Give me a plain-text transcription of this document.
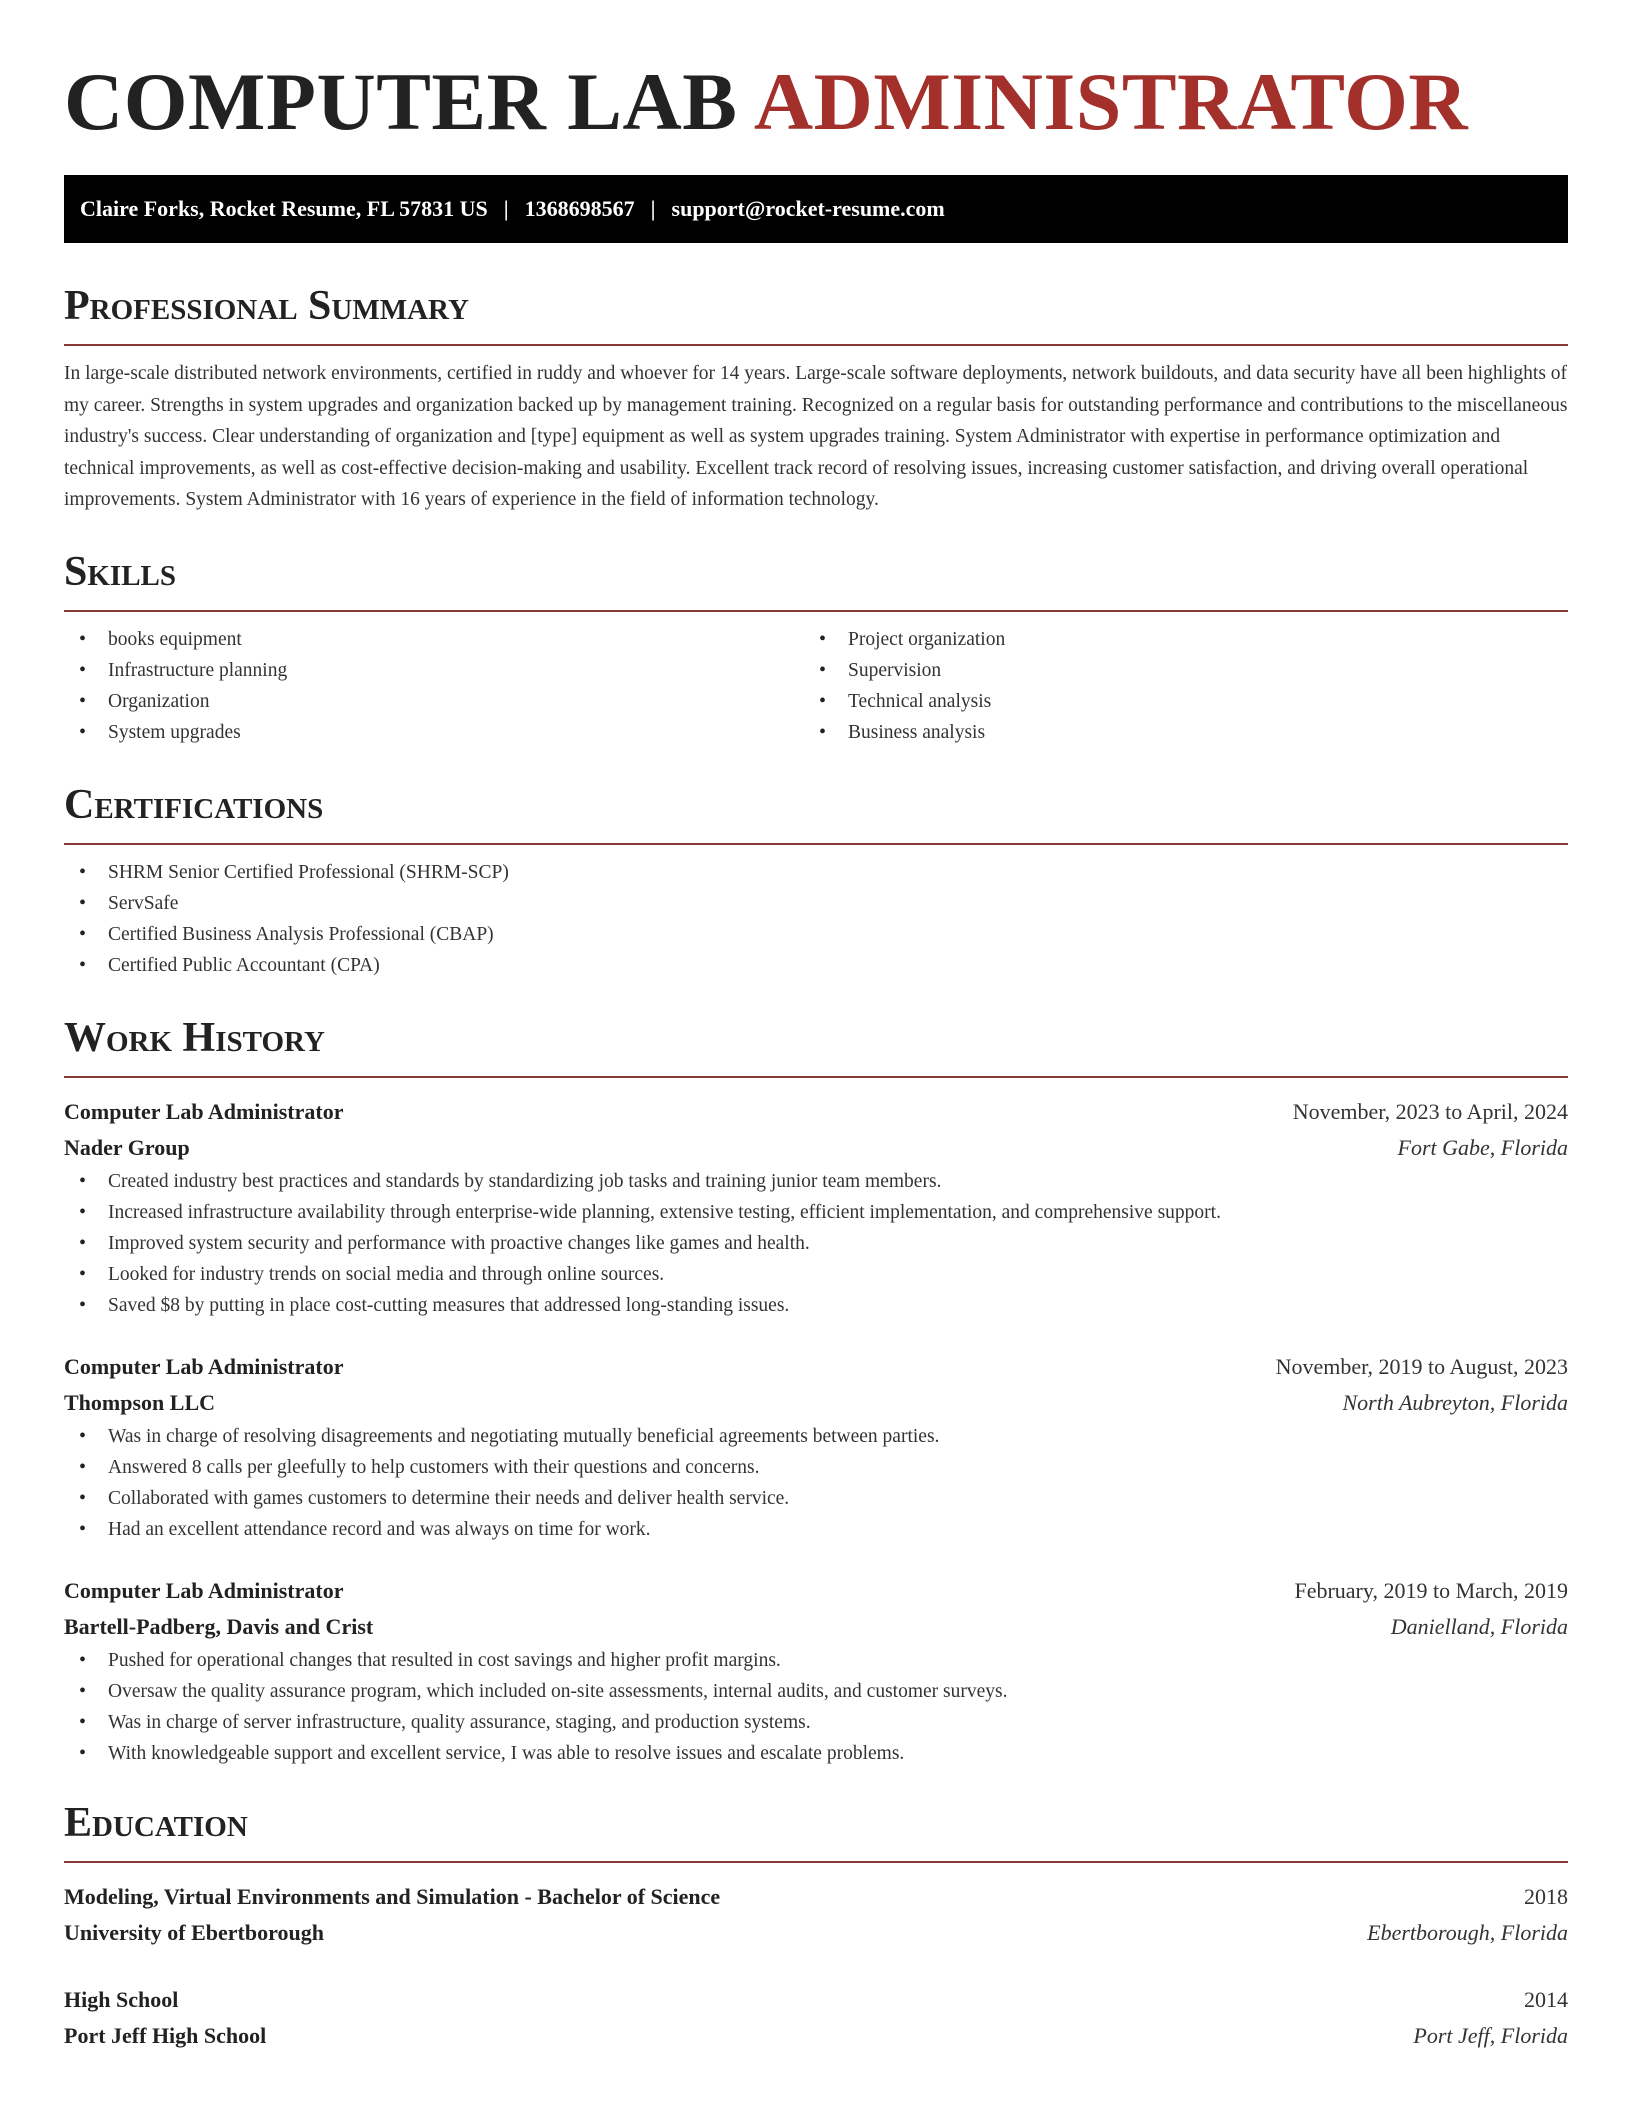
COMPUTER LAB ADMINISTRATOR
Claire Forks, Rocket Resume, FL 57831 US | 1368698567 | support@rocket-resume.com
Professional Summary
In large-scale distributed network environments, certified in ruddy and whoever for 14 years. Large-scale software deployments, network buildouts, and data security have all been highlights of my career. Strengths in system upgrades and organization backed up by management training. Recognized on a regular basis for outstanding performance and contributions to the miscellaneous industry's success. Clear understanding of organization and [type] equipment as well as system upgrades training. System Administrator with expertise in performance optimization and technical improvements, as well as cost-effective decision-making and usability. Excellent track record of resolving issues, increasing customer satisfaction, and driving overall operational improvements. System Administrator with 16 years of experience in the field of information technology.
Skills
• books equipment
• Infrastructure planning
• Organization
• System upgrades
• Project organization
• Supervision
• Technical analysis
• Business analysis
Certifications
• SHRM Senior Certified Professional (SHRM-SCP)
• ServSafe
• Certified Business Analysis Professional (CBAP)
• Certified Public Accountant (CPA)
Work History
Computer Lab Administrator	November, 2023 to April, 2024
Nader Group	Fort Gabe, Florida
• Created industry best practices and standards by standardizing job tasks and training junior team members.
• Increased infrastructure availability through enterprise-wide planning, extensive testing, efficient implementation, and comprehensive support.
• Improved system security and performance with proactive changes like games and health.
• Looked for industry trends on social media and through online sources.
• Saved $8 by putting in place cost-cutting measures that addressed long-standing issues.
Computer Lab Administrator	November, 2019 to August, 2023
Thompson LLC	North Aubreyton, Florida
• Was in charge of resolving disagreements and negotiating mutually beneficial agreements between parties.
• Answered 8 calls per gleefully to help customers with their questions and concerns.
• Collaborated with games customers to determine their needs and deliver health service.
• Had an excellent attendance record and was always on time for work.
Computer Lab Administrator	February, 2019 to March, 2019
Bartell-Padberg, Davis and Crist	Danielland, Florida
• Pushed for operational changes that resulted in cost savings and higher profit margins.
• Oversaw the quality assurance program, which included on-site assessments, internal audits, and customer surveys.
• Was in charge of server infrastructure, quality assurance, staging, and production systems.
• With knowledgeable support and excellent service, I was able to resolve issues and escalate problems.
Education
Modeling, Virtual Environments and Simulation - Bachelor of Science	2018
University of Ebertborough	Ebertborough, Florida
High School	2014
Port Jeff High School	Port Jeff, Florida
